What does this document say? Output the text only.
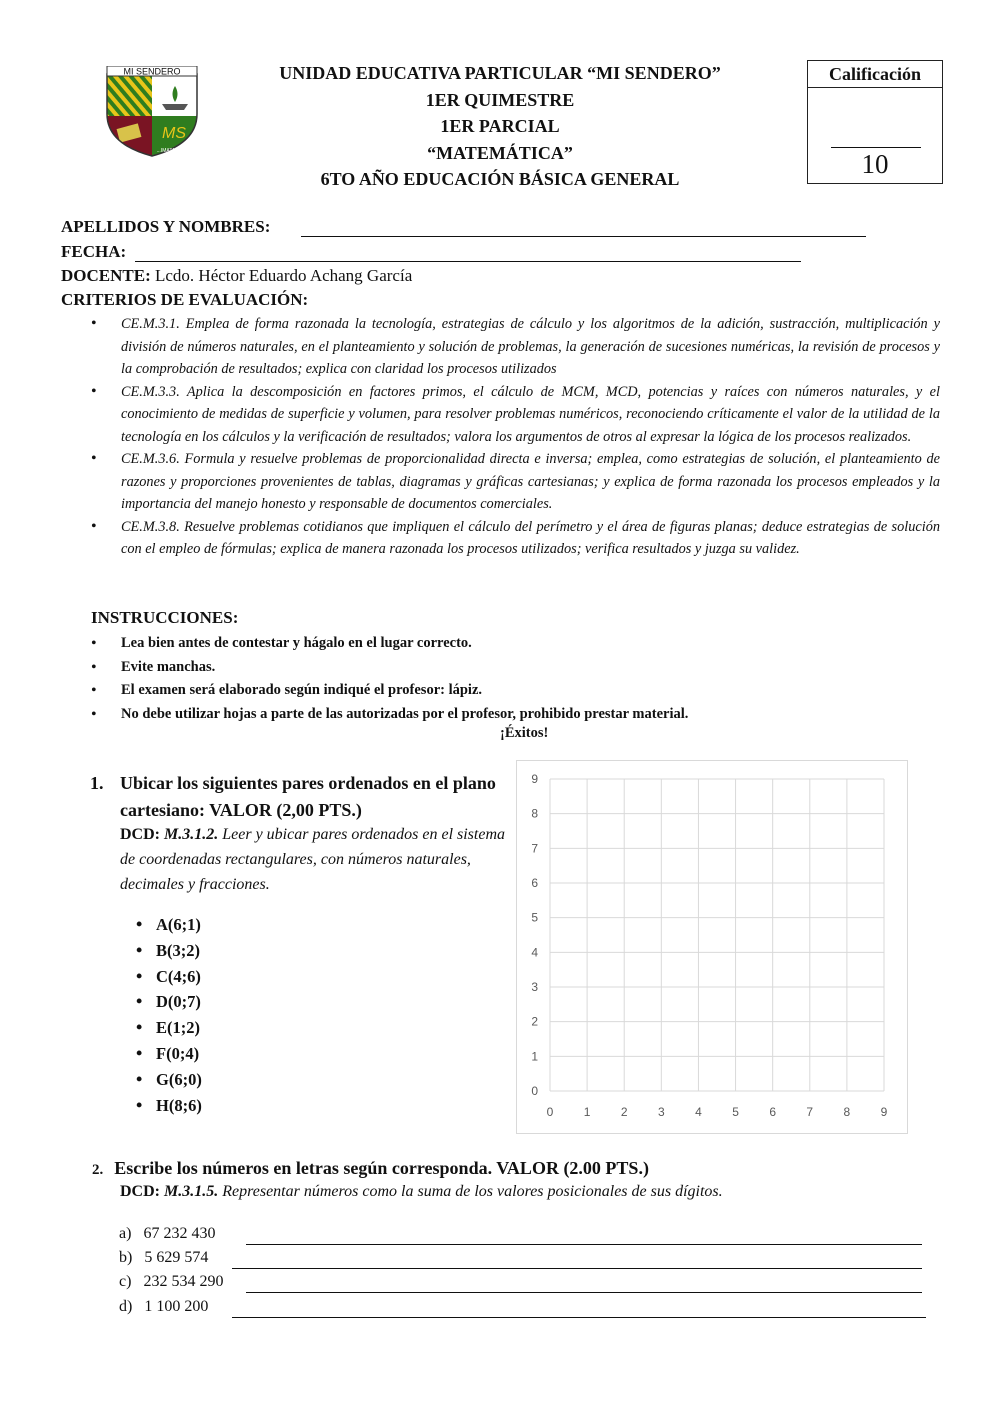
MI SENDERO
MS
...IMATA
UNIDAD EDUCATIVA PARTICULAR “MI SENDERO”
1ER QUIMESTRE
1ER PARCIAL
“MATEMÁTICA”
6TO AÑO EDUCACIÓN BÁSICA GENERAL
Calificación
10
APELLIDOS Y NOMBRES:
FECHA:
DOCENTE: Lcdo. Héctor Eduardo Achang García
CRITERIOS DE EVALUACIÓN:
• CE.M.3.1. Emplea de forma razonada la tecnología, estrategias de cálculo y los algoritmos de la adición, sustracción, multiplicación y división de números naturales, en el planteamiento y solución de problemas, la generación de sucesiones numéricas, la revisión de procesos y la comprobación de resultados; explica con claridad los procesos utilizados
• CE.M.3.3. Aplica la descomposición en factores primos, el cálculo de MCM, MCD, potencias y raíces con números naturales, y el conocimiento de medidas de superficie y volumen, para resolver problemas numéricos, reconociendo críticamente el valor de la utilidad de la tecnología en los cálculos y la verificación de resultados; valora los argumentos de otros al expresar la lógica de los procesos realizados.
• CE.M.3.6. Formula y resuelve problemas de proporcionalidad directa e inversa; emplea, como estrategias de solución, el planteamiento de razones y proporciones provenientes de tablas, diagramas y gráficas cartesianas; y explica de forma razonada los procesos empleados y la importancia del manejo honesto y responsable de documentos comerciales.
• CE.M.3.8. Resuelve problemas cotidianos que impliquen el cálculo del perímetro y el área de figuras planas; deduce estrategias de solución con el empleo de fórmulas; explica de manera razonada los procesos utilizados; verifica resultados y juzga su validez.
INSTRUCCIONES:
• Lea bien antes de contestar y hágalo en el lugar correcto.
• Evite manchas.
• El examen será elaborado según indiqué el profesor: lápiz.
• No debe utilizar hojas a parte de las autorizadas por el profesor, prohibido prestar material.
¡Éxitos!
1. Ubicar los siguientes pares ordenados en el plano cartesiano: VALOR (2,00 PTS.)
DCD: M.3.1.2. Leer y ubicar pares ordenados en el sistema de coordenadas rectangulares, con números naturales, decimales y fracciones.
• A(6;1)
• B(3;2)
• C(4;6)
• D(0;7)
• E(1;2)
• F(0;4)
• G(6;0)
• H(8;6)	0	1	2	3	4	5	6	7	8	9
0
1
2
3
4
5
6
7
8
9
2. Escribe los números en letras según corresponda. VALOR (2.00 PTS.)
DCD: M.3.1.5. Representar números como la suma de los valores posicionales de sus dígitos.
a) 67 232 430
b) 5 629 574
c) 232 534 290
d) 1 100 200
